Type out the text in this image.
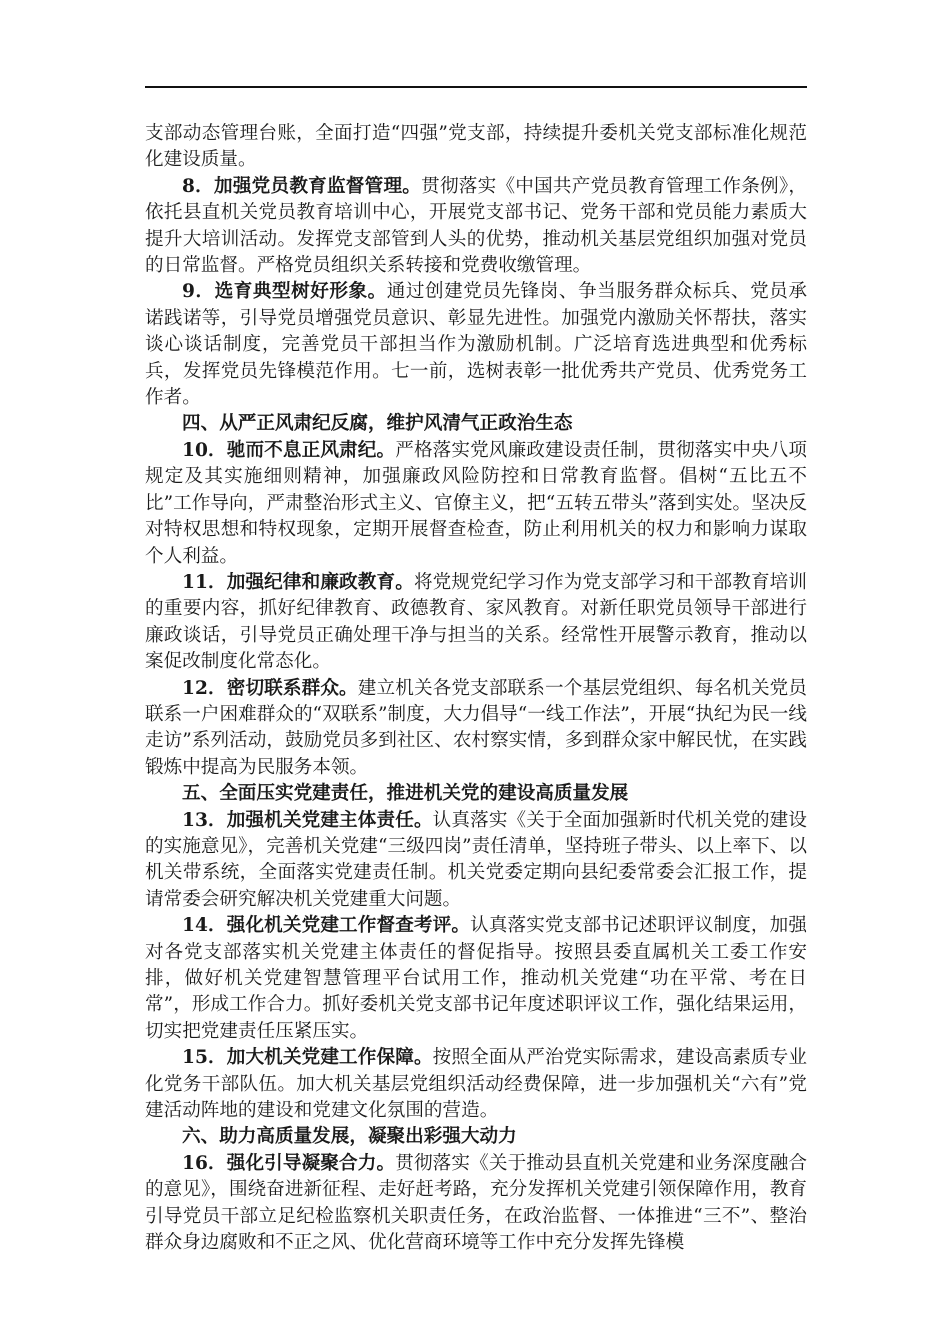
支部动态管理台账，全面打造“四强”党支部，持续提升委机关党支部标准化规范化建设质量。

8．加强党员教育监督管理。贯彻落实《中国共产党员教育管理工作条例》，依托县直机关党员教育培训中心，开展党支部书记、党务干部和党员能力素质大提升大培训活动。发挥党支部管到人头的优势，推动机关基层党组织加强对党员的日常监督。严格党员组织关系转接和党费收缴管理。

9．选育典型树好形象。通过创建党员先锋岗、争当服务群众标兵、党员承诺践诺等，引导党员增强党员意识、彰显先进性。加强党内激励关怀帮扶，落实谈心谈话制度，完善党员干部担当作为激励机制。广泛培育选进典型和优秀标兵，发挥党员先锋模范作用。七一前，选树表彰一批优秀共产党员、优秀党务工作者。

四、从严正风肃纪反腐，维护风清气正政治生态

10．驰而不息正风肃纪。严格落实党风廉政建设责任制，贯彻落实中央八项规定及其实施细则精神，加强廉政风险防控和日常教育监督。倡树“五比五不比”工作导向，严肃整治形式主义、官僚主义，把“五转五带头”落到实处。坚决反对特权思想和特权现象，定期开展督查检查，防止利用机关的权力和影响力谋取个人利益。

11．加强纪律和廉政教育。将党规党纪学习作为党支部学习和干部教育培训的重要内容，抓好纪律教育、政德教育、家风教育。对新任职党员领导干部进行廉政谈话，引导党员正确处理干净与担当的关系。经常性开展警示教育，推动以案促改制度化常态化。

12．密切联系群众。建立机关各党支部联系一个基层党组织、每名机关党员联系一户困难群众的“双联系”制度，大力倡导“一线工作法”，开展“执纪为民一线走访”系列活动，鼓励党员多到社区、农村察实情，多到群众家中解民忧，在实践锻炼中提高为民服务本领。

五、全面压实党建责任，推进机关党的建设高质量发展

13．加强机关党建主体责任。认真落实《关于全面加强新时代机关党的建设的实施意见》，完善机关党建“三级四岗”责任清单，坚持班子带头、以上率下、以机关带系统，全面落实党建责任制。机关党委定期向县纪委常委会汇报工作，提请常委会研究解决机关党建重大问题。

14．强化机关党建工作督查考评。认真落实党支部书记述职评议制度，加强对各党支部落实机关党建主体责任的督促指导。按照县委直属机关工委工作安排，做好机关党建智慧管理平台试用工作，推动机关党建“功在平常、考在日常”，形成工作合力。抓好委机关党支部书记年度述职评议工作，强化结果运用，切实把党建责任压紧压实。

15．加大机关党建工作保障。按照全面从严治党实际需求，建设高素质专业化党务干部队伍。加大机关基层党组织活动经费保障，进一步加强机关“六有”党建活动阵地的建设和党建文化氛围的营造。

六、助力高质量发展，凝聚出彩强大动力

16．强化引导凝聚合力。贯彻落实《关于推动县直机关党建和业务深度融合的意见》，围绕奋进新征程、走好赶考路，充分发挥机关党建引领保障作用，教育引导党员干部立足纪检监察机关职责任务，在政治监督、一体推进“三不”、整治群众身边腐败和不正之风、优化营商环境等工作中充分发挥先锋模
